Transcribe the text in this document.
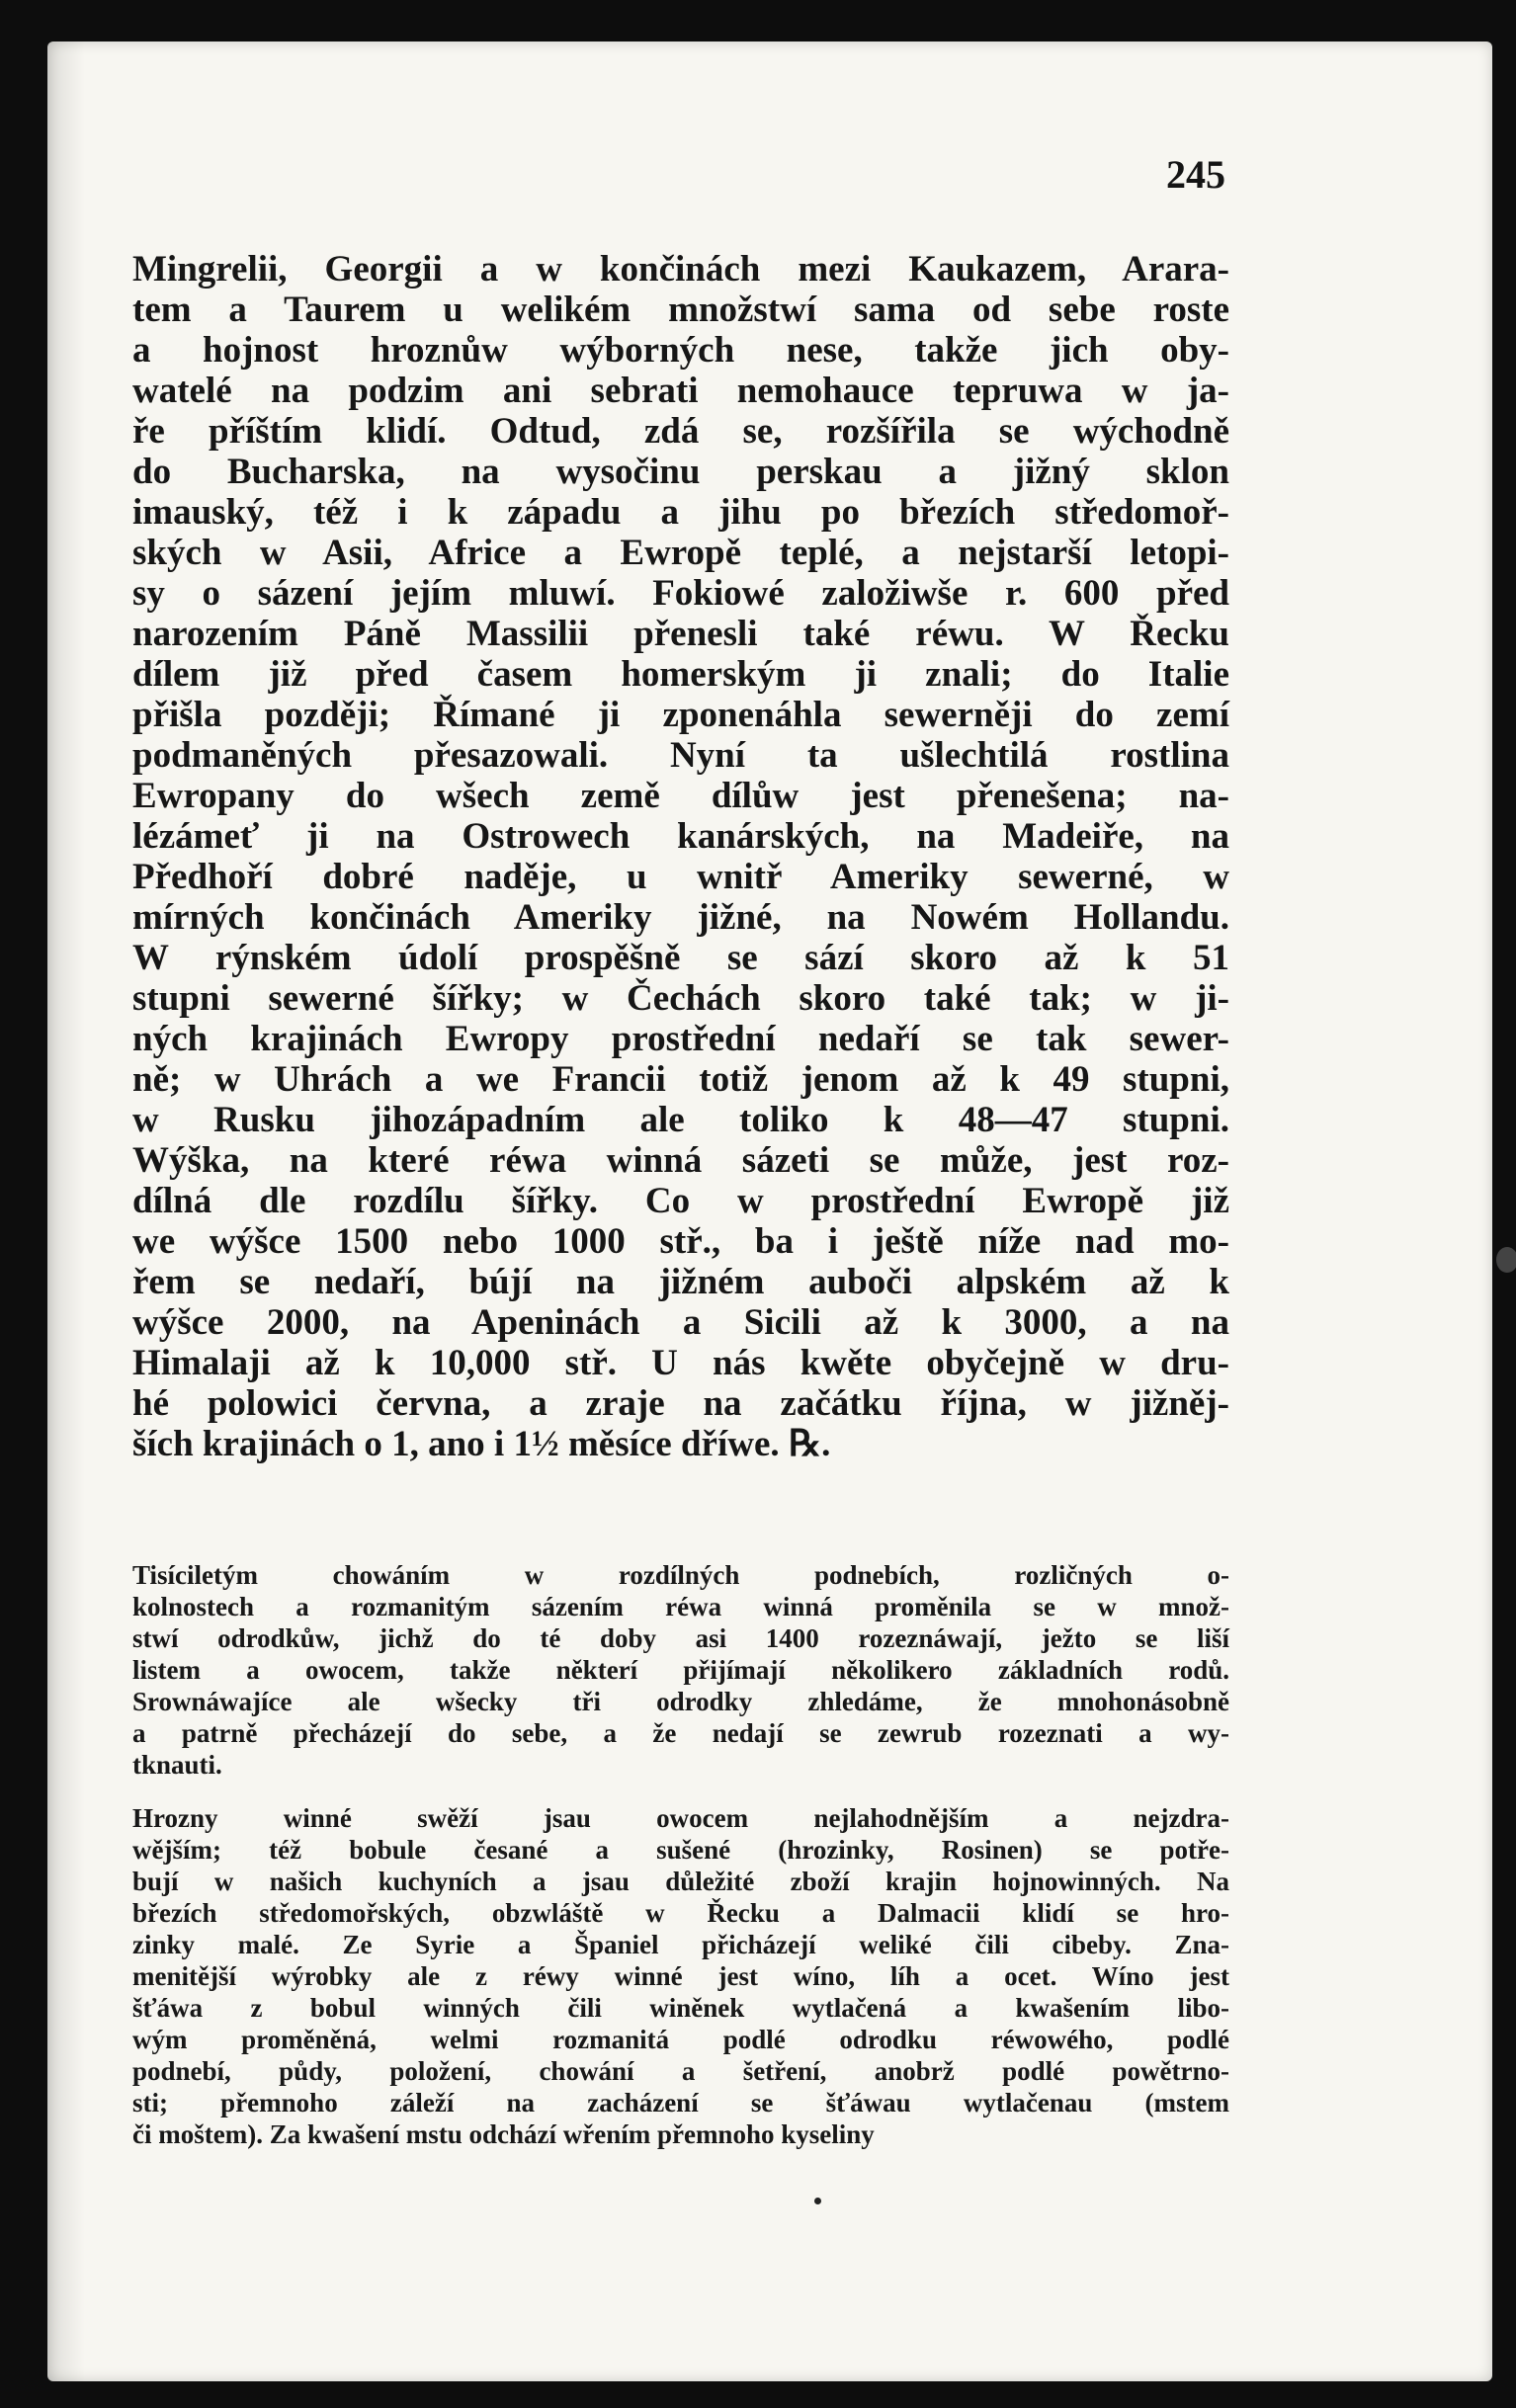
245
Mingrelii, Georgii a w končinách mezi Kaukazem, Arara-
tem a Taurem u welikém množstwí sama od sebe roste
a hojnost hroznůw wýborných nese, takže jich oby-
watelé na podzim ani sebrati nemohauce tepruwa w ja-
ře příštím klidí. Odtud, zdá se, rozšířila se wýchodně
do Bucharska, na wysočinu perskau a jižný sklon
imauský, též i k západu a jihu po březích středomoř-
ských w Asii, Africe a Ewropě teplé, a nejstarší letopi-
sy o sázení jejím mluwí. Fokiowé založiwše r. 600 před
narozením Páně Massilii přenesli také réwu. W Řecku
dílem již před časem homerským ji znali; do Italie
přišla později; Římané ji zponenáhla sewerněji do zemí
podmaněných přesazowali. Nyní ta ušlechtilá rostlina
Ewropany do wšech země dílůw jest přenešena; na-
lézámeť ji na Ostrowech kanárských, na Madeiře, na
Předhoří dobré naděje, u wnitř Ameriky sewerné, w
mírných končinách Ameriky jižné, na Nowém Hollandu.
W rýnském údolí prospěšně se sází skoro až k 51
stupni sewerné šířky; w Čechách skoro také tak; w ji-
ných krajinách Ewropy prostřední nedaří se tak sewer-
ně; w Uhrách a we Francii totiž jenom až k 49 stupni,
w Rusku jihozápadním ale toliko k 48—47 stupni.
Wýška, na které réwa winná sázeti se může, jest roz-
dílná dle rozdílu šířky. Co w prostřední Ewropě již
we wýšce 1500 nebo 1000 stř., ba i ještě níže nad mo-
řem se nedaří, bújí na jižném auboči alpském až k
wýšce 2000, na Apeninách a Sicili až k 3000, a na
Himalaji až k 10,000 stř. U nás kwěte obyčejně w dru-
hé polowici června, a zraje na začátku října, w jižněj-
ších krajinách o 1, ano i 1½ měsíce dříwe. ℞.
Tisíciletým chowáním w rozdílných podnebích, rozličných o-
kolnostech a rozmanitým sázením réwa winná proměnila se w množ-
stwí odrodkůw, jichž do té doby asi 1400 rozeznáwají, ježto se liší
listem a owocem, takže některí přijímají několikero základních rodů.
Srownáwajíce ale wšecky tři odrodky zhledáme, že mnohonásobně
a patrně přecházejí do sebe, a že nedají se zewrub rozeznati a wy-
tknauti.
Hrozny winné swěží jsau owocem nejlahodnějším a nejzdra-
wějším; též bobule česané a sušené (hrozinky, Rosinen) se potře-
bují w našich kuchyních a jsau důležité zboží krajin hojnowinných. Na
březích středomořských, obzwláště w Řecku a Dalmacii klidí se hro-
zinky malé. Ze Syrie a Španiel přicházejí weliké čili cibeby. Zna-
menitější wýrobky ale z réwy winné jest wíno, líh a ocet. Wíno jest
šťáwa z bobul winných čili winěnek wytlačená a kwašením libo-
wým proměněná, welmi rozmanitá podlé odrodku réwowého, podlé
podnebí, půdy, položení, chowání a šetření, anobrž podlé powětrno-
sti; přemnoho záleží na zacházení se šťáwau wytlačenau (mstem
či moštem). Za kwašení mstu odchází wřením přemnoho kyseliny
